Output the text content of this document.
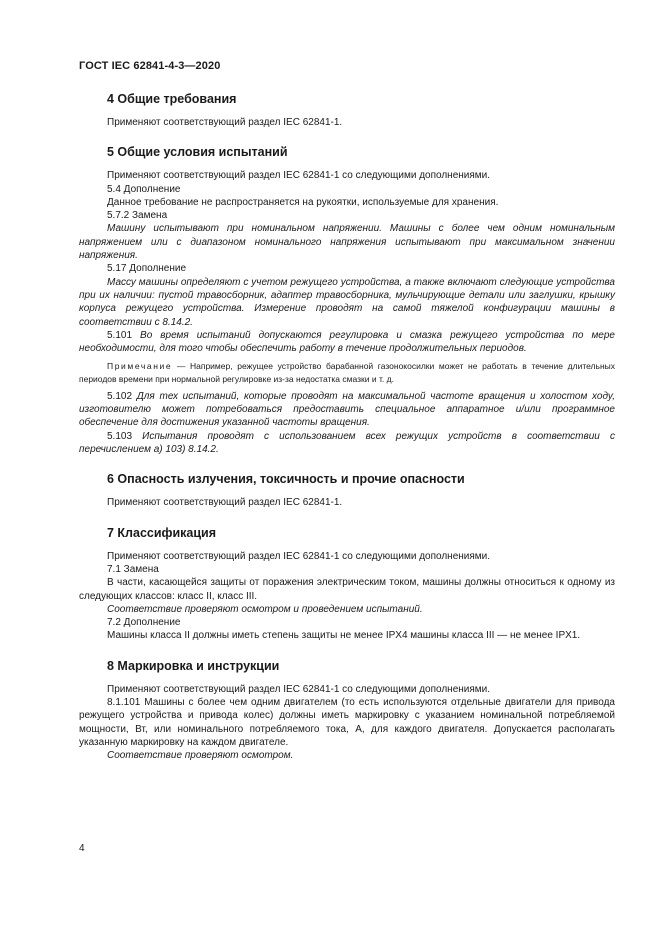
ГОСТ IEC 62841-4-3—2020
4 Общие требования

Применяют соответствующий раздел IEC 62841-1.

5 Общие условия испытаний

Применяют соответствующий раздел IEC 62841-1 со следующими дополнениями.

5.4 Дополнение

Данное требование не распространяется на рукоятки, используемые для хранения.

5.7.2 Замена

Машину испытывают при номинальном напряжении. Машины с более чем одним номинальным напряжением или с диапазоном номинального напряжения испытывают при максимальном значении напряжения.

5.17 Дополнение

Массу машины определяют с учетом режущего устройства, а также включают следующие устройства при их наличии: пустой травосборник, адаптер травосборника, мульчирующие детали или заглушки, крышку корпуса режущего устройства. Измерение проводят на самой тяжелой конфигурации машины в соответствии с 8.14.2.

5.101 Во время испытаний допускаются регулировка и смазка режущего устройства по мере необходимости, для того чтобы обеспечить работу в течение продолжительных периодов.

Примечание — Например, режущее устройство барабанной газонокосилки может не работать в течение длительных периодов времени при нормальной регулировке из-за недостатка смазки и т. д.

5.102 Для тех испытаний, которые проводят на максимальной частоте вращения и холостом ходу, изготовителю может потребоваться предоставить специальное аппаратное и/или программное обеспечение для достижения указанной частоты вращения.

5.103 Испытания проводят с использованием всех режущих устройств в соответствии с перечислением а) 103) 8.14.2.

6 Опасность излучения, токсичность и прочие опасности

Применяют соответствующий раздел IEC 62841-1.

7 Классификация

Применяют соответствующий раздел IEC 62841-1 со следующими дополнениями.

7.1 Замена

В части, касающейся защиты от поражения электрическим током, машины должны относиться к одному из следующих классов: класс II, класс III.

Соответствие проверяют осмотром и проведением испытаний.

7.2 Дополнение

Машины класса II должны иметь степень защиты не менее IPX4 машины класса III — не менее IPX1.

8 Маркировка и инструкции

Применяют соответствующий раздел IEC 62841-1 со следующими дополнениями.

8.1.101 Машины с более чем одним двигателем (то есть используются отдельные двигатели для привода режущего устройства и привода колес) должны иметь маркировку с указанием номинальной потребляемой мощности, Вт, или номинального потребляемого тока, А, для каждого двигателя. Допускается располагать указанную маркировку на каждом двигателе.

Соответствие проверяют осмотром.

4
